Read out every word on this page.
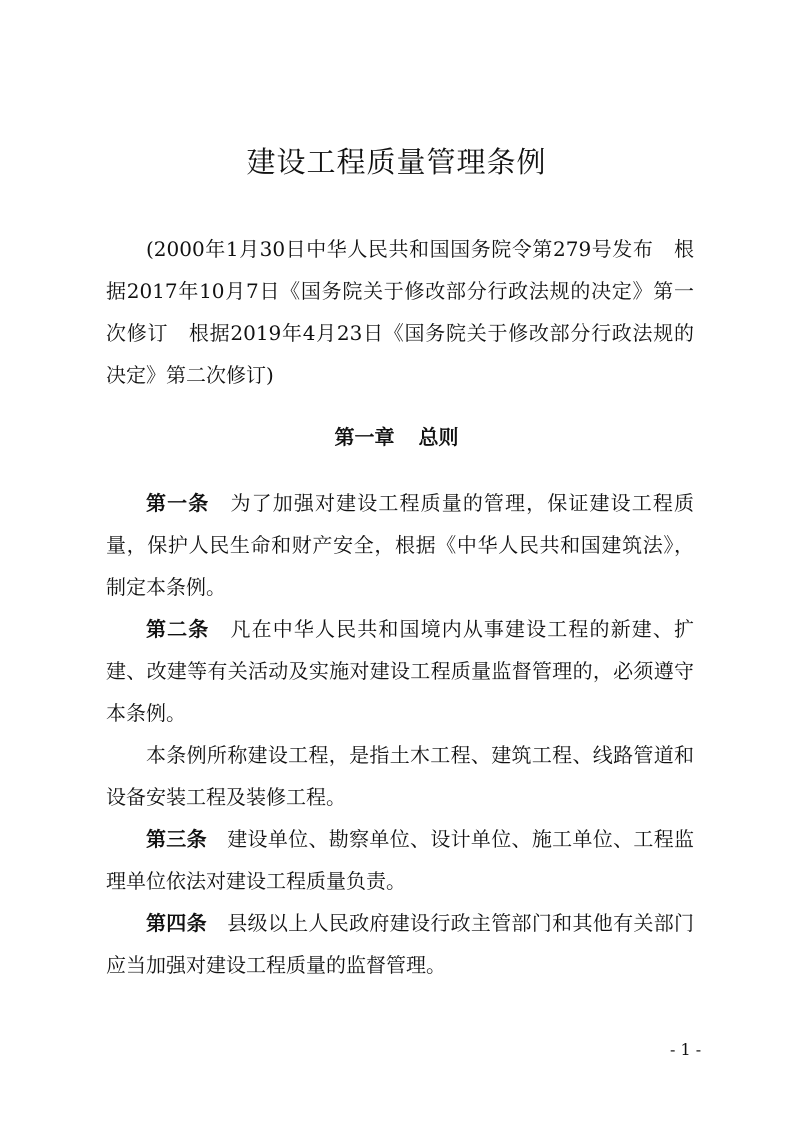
建设工程质量管理条例

(2000年1月30日中华人民共和国国务院令第279号发布　根据2017年10月7日《国务院关于修改部分行政法规的决定》第一次修订　根据2019年4月23日《国务院关于修改部分行政法规的决定》第二次修订)

第一章 总则

第一条 为了加强对建设工程质量的管理，保证建设工程质量，保护人民生命和财产安全，根据《中华人民共和国建筑法》，制定本条例。

第二条 凡在中华人民共和国境内从事建设工程的新建、扩建、改建等有关活动及实施对建设工程质量监督管理的，必须遵守本条例。

本条例所称建设工程，是指土木工程、建筑工程、线路管道和设备安装工程及装修工程。

第三条 建设单位、勘察单位、设计单位、施工单位、工程监理单位依法对建设工程质量负责。

第四条 县级以上人民政府建设行政主管部门和其他有关部门应当加强对建设工程质量的监督管理。

- 1 -
